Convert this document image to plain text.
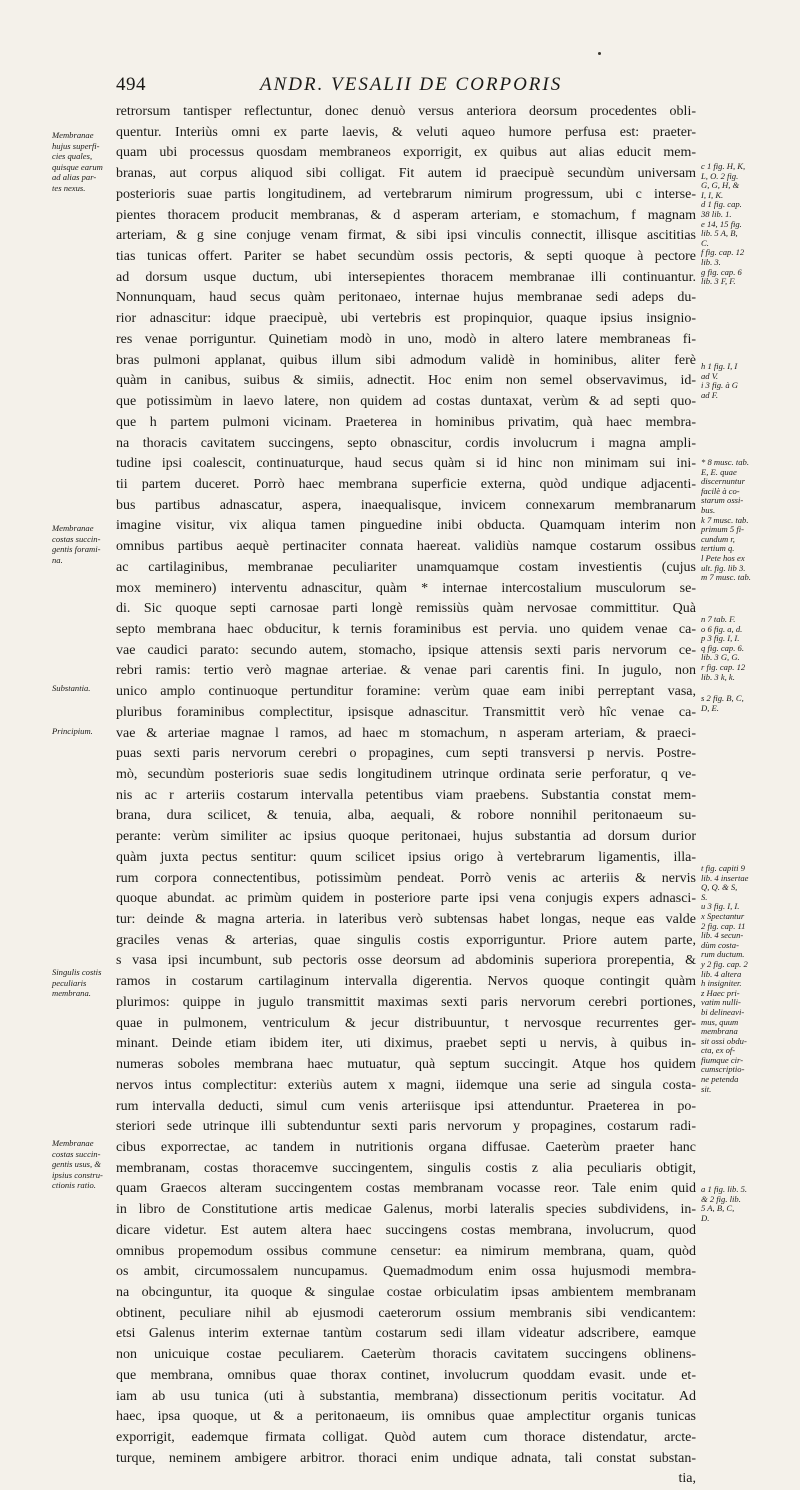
494	ANDR. VESALII DE CORPORIS
retrorsum tantisper reflectuntur, donec denuò versus anteriora deorsum procedentes obli-
quentur. Interiùs omni ex parte laevis, & veluti aqueo humore perfusa est: praeter-
quam ubi processus quosdam membraneos exporrigit, ex quibus aut alias educit mem-
branas, aut corpus aliquod sibi colligat. Fit autem id praecipuè secundùm universam
posterioris suae partis longitudinem, ad vertebrarum nimirum progressum, ubi c interse-
pientes thoracem producit membranas, & d asperam arteriam, e stomachum, f magnam
arteriam, & g sine conjuge venam firmat, & sibi ipsi vinculis connectit, illisque ascititias
tias tunicas offert. Pariter se habet secundùm ossis pectoris, & septi quoque à pectore
ad dorsum usque ductum, ubi intersepientes thoracem membranae illi continuantur.
Nonnunquam, haud secus quàm peritonaeo, internae hujus membranae sedi adeps du-
rior adnascitur: idque praecipuè, ubi vertebris est propinquior, quaque ipsius insignio-
res venae porriguntur. Quinetiam modò in uno, modò in altero latere membraneas fi-
bras pulmoni applanat, quibus illum sibi admodum validè in hominibus, aliter ferè
quàm in canibus, suibus & simiis, adnectit. Hoc enim non semel observavimus, id-
que potissimùm in laevo latere, non quidem ad costas duntaxat, verùm & ad septi quo-
que h partem pulmoni vicinam. Praeterea in hominibus privatim, quà haec membra-
na thoracis cavitatem succingens, septo obnascitur, cordis involucrum i magna ampli-
tudine ipsi coalescit, continuaturque, haud secus quàm si id hinc non minimam sui ini-
tii partem duceret. Porrò haec membrana superficie externa, quòd undique adjacenti-
bus partibus adnascatur, aspera, inaequalisque, invicem connexarum membranarum
imagine visitur, vix aliqua tamen pinguedine inibi obducta. Quamquam interim non
omnibus partibus aequè pertinaciter connata haereat. validiùs namque costarum ossibus
ac cartilaginibus, membranae peculiariter unamquamque costam investientis (cujus
mox meminero) interventu adnascitur, quàm * internae intercostalium musculorum se-
di. Sic quoque septi carnosae parti longè remissiùs quàm nervosae committitur. Quà
septo membrana haec obducitur, k ternis foraminibus est pervia. uno quidem venae ca-
vae caudici parato: secundo autem, stomacho, ipsique attensis sexti paris nervorum ce-
rebri ramis: tertio verò magnae arteriae. & venae pari carentis fini. In jugulo, non
unico amplo continuoque pertunditur foramine: verùm quae eam inibi perreptant vasa,
pluribus foraminibus complectitur, ipsisque adnascitur. Transmittit verò hîc venae ca-
vae & arteriae magnae l ramos, ad haec m stomachum, n asperam arteriam, & praeci-
puas sexti paris nervorum cerebri o propagines, cum septi transversi p nervis. Postre-
mò, secundùm posterioris suae sedis longitudinem utrinque ordinata serie perforatur, q ve-
nis ac r arteriis costarum intervalla petentibus viam praebens. Substantia constat mem-
brana, dura scilicet, & tenuia, alba, aequali, & robore nonnihil peritonaeum su-
perante: verùm similiter ac ipsius quoque peritonaei, hujus substantia ad dorsum durior
quàm juxta pectus sentitur: quum scilicet ipsius origo à vertebrarum ligamentis, illa-
rum corpora connectentibus, potissimùm pendeat. Porrò venis ac arteriis & nervis
quoque abundat. ac primùm quidem in posteriore parte ipsi vena conjugis expers adnasci-
tur: deinde & magna arteria. in lateribus verò subtensas habet longas, neque eas valde
graciles venas & arterias, quae singulis costis exporriguntur. Priore autem parte,
s vasa ipsi incumbunt, sub pectoris osse deorsum ad abdominis superiora prorepentia, &
ramos in costarum cartilaginum intervalla digerentia. Nervos quoque contingit quàm
plurimos: quippe in jugulo transmittit maximas sexti paris nervorum cerebri portiones,
quae in pulmonem, ventriculum & jecur distribuuntur, t nervosque recurrentes ger-
minant. Deinde etiam ibidem iter, uti diximus, praebet septi u nervis, à quibus in-
numeras soboles membrana haec mutuatur, quà septum succingit. Atque hos quidem
nervos intus complectitur: exteriùs autem x magni, iidemque una serie ad singula costa-
rum intervalla deducti, simul cum venis arteriisque ipsi attenduntur. Praeterea in po-
steriori sede utrinque illi subtenduntur sexti paris nervorum y propagines, costarum radi-
cibus exporrectae, ac tandem in nutritionis organa diffusae. Caeterùm praeter hanc
membranam, costas thoracemve succingentem, singulis costis z alia peculiaris obtigit,
quam Graecos alteram succingentem costas membranam vocasse reor. Tale enim quid
in libro de Constitutione artis medicae Galenus, morbi lateralis species subdividens, in-
dicare videtur. Est autem altera haec succingens costas membrana, involucrum, quod
omnibus propemodum ossibus commune censetur: ea nimirum membrana, quam, quòd
os ambit, circumossalem nuncupamus. Quemadmodum enim ossa hujusmodi membra-
na obcinguntur, ita quoque & singulae costae orbiculatim ipsas ambientem membranam
obtinent, peculiare nihil ab ejusmodi caeterorum ossium membranis sibi vendicantem:
etsi Galenus interim externae tantùm costarum sedi illam videatur adscribere, eamque
non unicuique costae peculiarem. Caeterùm thoracis cavitatem succingens oblinens-
que membrana, omnibus quae thorax continet, involucrum quoddam evasit. unde et-
iam ab usu tunica (uti à substantia, membrana) dissectionum peritis vocitatur. Ad
haec, ipsa quoque, ut & a peritonaeum, iis omnibus quae amplectitur organis tunicas
exporrigit, eademque firmata colligat. Quòd autem cum thorace distendatur, arcte-
turque, neminem ambigere arbitror. thoraci enim undique adnata, tali constat substan-
tia,
Membranae
hujus superfi-
cies quales,
quisque earum
ad alias par-
tes nexus.
Membranae
costas succin-
gentis forami-
na.
Substantia.
Principium.
Singulis costis
peculiaris
membrana.
Membranae
costas succin-
gentis usus, &
ipsius constru-
ctionis ratio.
c 1 fig. H, K,
L, O. 2 fig.
G, G, H, &
I, I, K.
d 1 fig. cap.
38 lib. 1.
e 14, 15 fig.
lib. 5 A, B,
C.
f fig. cap. 12
lib. 3.
g fig. cap. 6
lib. 3 F, F.
h 1 fig. I, I
ad V.
i 3 fig. à G
ad F.
* 8 musc. tab.
E, E. quae
discernuntur
facilè à co-
starum ossi-
bus.
k 7 musc. tab.
primum 5 fi-
cundum r,
tertium q.
l Pete hos ex
ult. fig. lib 3.
m 7 musc. tab.
n 7 tab. F.
o 6 fig. a, d.
p 3 fig. I, I.
q fig. cap. 6.
lib. 3 G, G.
r fig. cap. 12
lib. 3 k, k.
s 2 fig. B, C,
D, E.
t fig. capiti 9
lib. 4 insertae
Q, Q. & S,
S.
u 3 fig. I, I.
x Spectantur
2 fig. cap. 11
lib. 4 secun-
dùm costa-
rum ductum.
y 2 fig. cap. 2
lib. 4 altera
h insigniter.
z Haec pri-
vatim nulli-
bi delineavi-
mus, quum
membrana
sit ossi obdu-
cta, ex of-
fiumque cir-
cumscriptio-
ne petenda
sit.
a 1 fig. lib. 5.
& 2 fig. lib.
5 A, B, C,
D.
